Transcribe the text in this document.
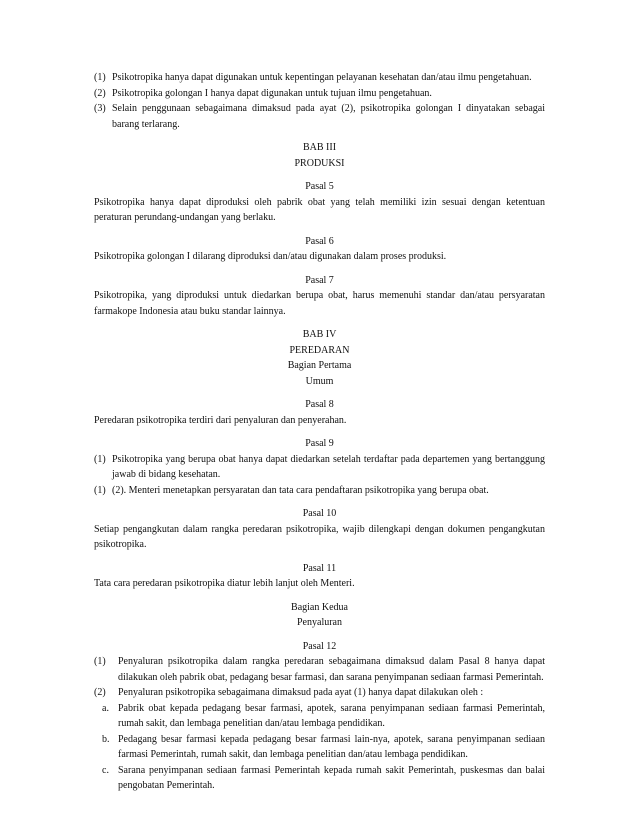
(1) Psikotropika hanya dapat digunakan untuk kepentingan pelayanan kesehatan dan/atau ilmu pengetahuan.
(2) Psikotropika golongan I hanya dapat digunakan untuk tujuan ilmu pengetahuan.
(3) Selain penggunaan sebagaimana dimaksud pada ayat (2), psikotropika golongan I dinyatakan sebagai barang terlarang.
BAB III
PRODUKSI
Pasal 5
Psikotropika hanya dapat diproduksi oleh pabrik obat yang telah memiliki izin sesuai dengan ketentuan peraturan perundang-undangan yang berlaku.
Pasal 6
Psikotropika golongan I dilarang diproduksi dan/atau digunakan dalam proses produksi.
Pasal 7
Psikotropika, yang diproduksi untuk diedarkan berupa obat, harus memenuhi standar dan/atau persyaratan farmakope Indonesia atau buku standar lainnya.
BAB IV
PEREDARAN
Bagian Pertama
Umum
Pasal 8
Peredaran psikotropika terdiri dari penyaluran dan penyerahan.
Pasal 9
(1) Psikotropika yang berupa obat hanya dapat diedarkan setelah terdaftar pada departemen yang bertanggung jawab di bidang kesehatan.
(1) (2). Menteri menetapkan persyaratan dan tata cara pendaftaran psikotropika yang berupa obat.
Pasal 10
Setiap pengangkutan dalam rangka peredaran psikotropika, wajib dilengkapi dengan dokumen pengangkutan psikotropika.
Pasal 11
Tata cara peredaran psikotropika diatur lebih lanjut oleh Menteri.
Bagian Kedua
Penyaluran
Pasal 12
(1)	Penyaluran psikotropika dalam rangka peredaran sebagaimana dimaksud dalam Pasal 8 hanya dapat dilakukan oleh pabrik obat, pedagang besar farmasi, dan sarana penyimpanan sediaan farmasi Pemerintah.
(2)	Penyaluran psikotropika sebagaimana dimaksud pada ayat (1) hanya dapat dilakukan oleh :
a. Pabrik obat kepada pedagang besar farmasi, apotek, sarana penyimpanan sediaan farmasi Pemerintah, rumah sakit, dan lembaga penelitian dan/atau lembaga pendidikan.
b. Pedagang besar farmasi kepada pedagang besar farmasi lain-nya, apotek, sarana penyimpanan sediaan farmasi Pemerintah, rumah sakit, dan lembaga penelitian dan/atau lembaga pendidikan.
c. Sarana penyimpanan sediaan farmasi Pemerintah kepada rumah sakit Pemerintah, puskesmas dan balai pengobatan Pemerintah.
